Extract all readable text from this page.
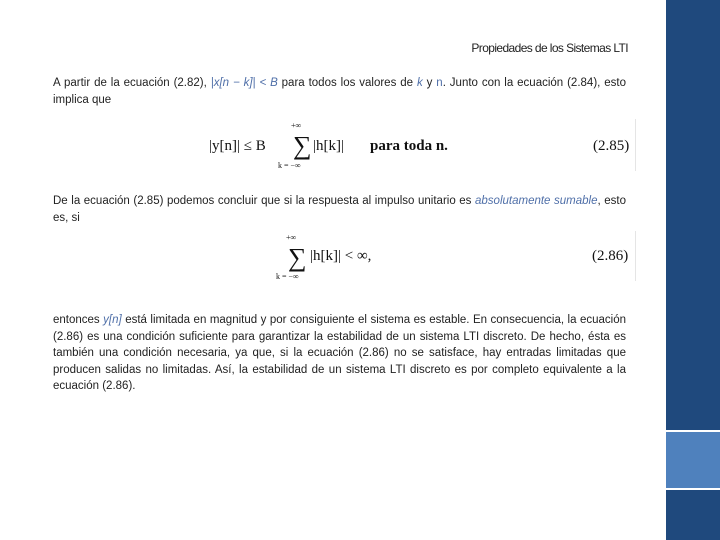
Propiedades de los Sistemas LTI
A partir de la ecuación (2.82), |x[n − k]| < B para todos los valores de k y n. Junto con la ecuación (2.84), esto implica que
|y[n]| ≤ B
+∞
∑
k = −∞
|h[k]| para toda n.	(2.85)
De la ecuación (2.85) podemos concluir que si la respuesta al impulso unitario es absolutamente sumable, esto es, si
+∞
∑
k = −∞
|h[k]| < ∞,	(2.86)
entonces y[n] está limitada en magnitud y por consiguiente el sistema es estable. En consecuencia, la ecuación (2.86) es una condición suficiente para garantizar la estabilidad de un sistema LTI discreto. De hecho, ésta es también una condición necesaria, ya que, si la ecuación (2.86) no se satisface, hay entradas limitadas que producen salidas no limitadas. Así, la estabilidad de un sistema LTI discreto es por completo equivalente a la ecuación (2.86).
